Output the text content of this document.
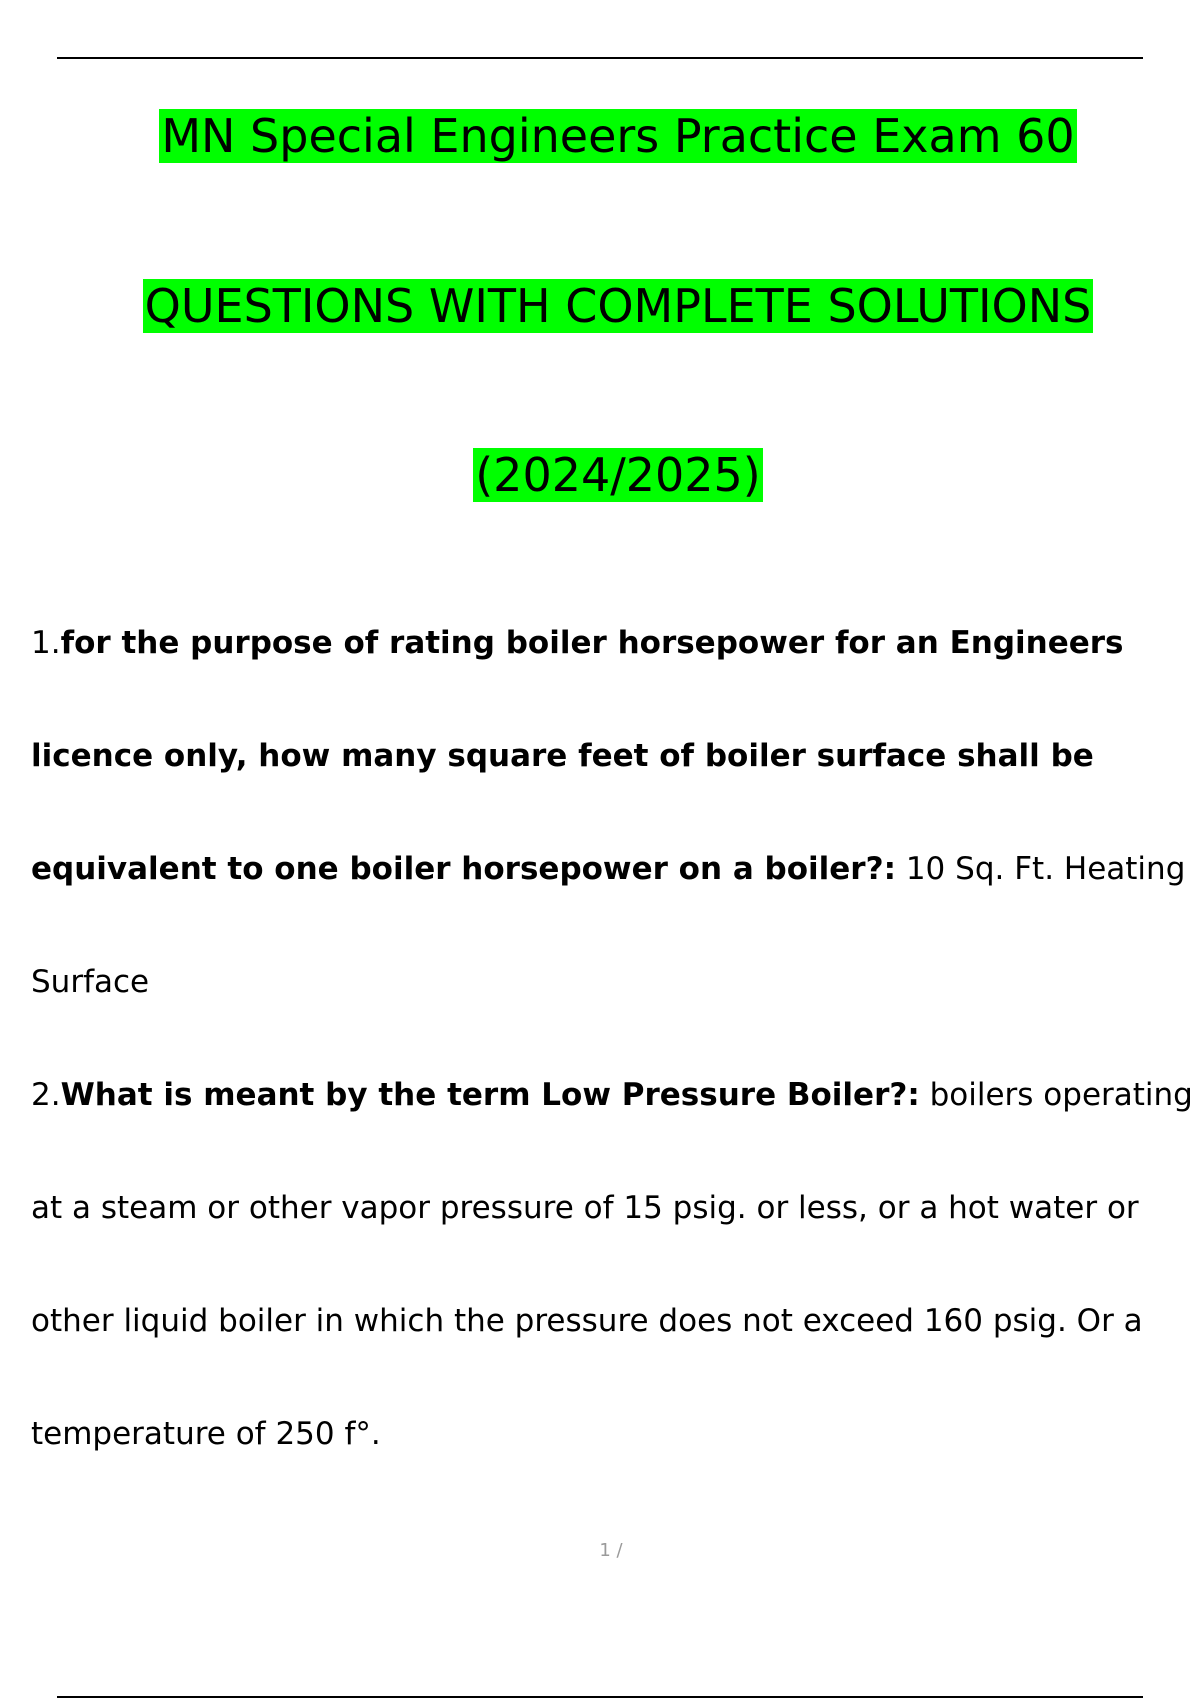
MN Special Engineers Practice Exam 60
QUESTIONS WITH COMPLETE SOLUTIONS
(2024/2025)

1.for the purpose of rating boiler horsepower for an Engineers licence only, how many square feet of boiler surface shall be equivalent to one boiler horsepower on a boiler?: 10 Sq. Ft. Heating Surface

2.What is meant by the term Low Pressure Boiler?: boilers operating at a steam or other vapor pressure of 15 psig. or less, or a hot water or other liquid boiler in which the pressure does not exceed 160 psig. Or a temperature of 250 f°.

1 /
